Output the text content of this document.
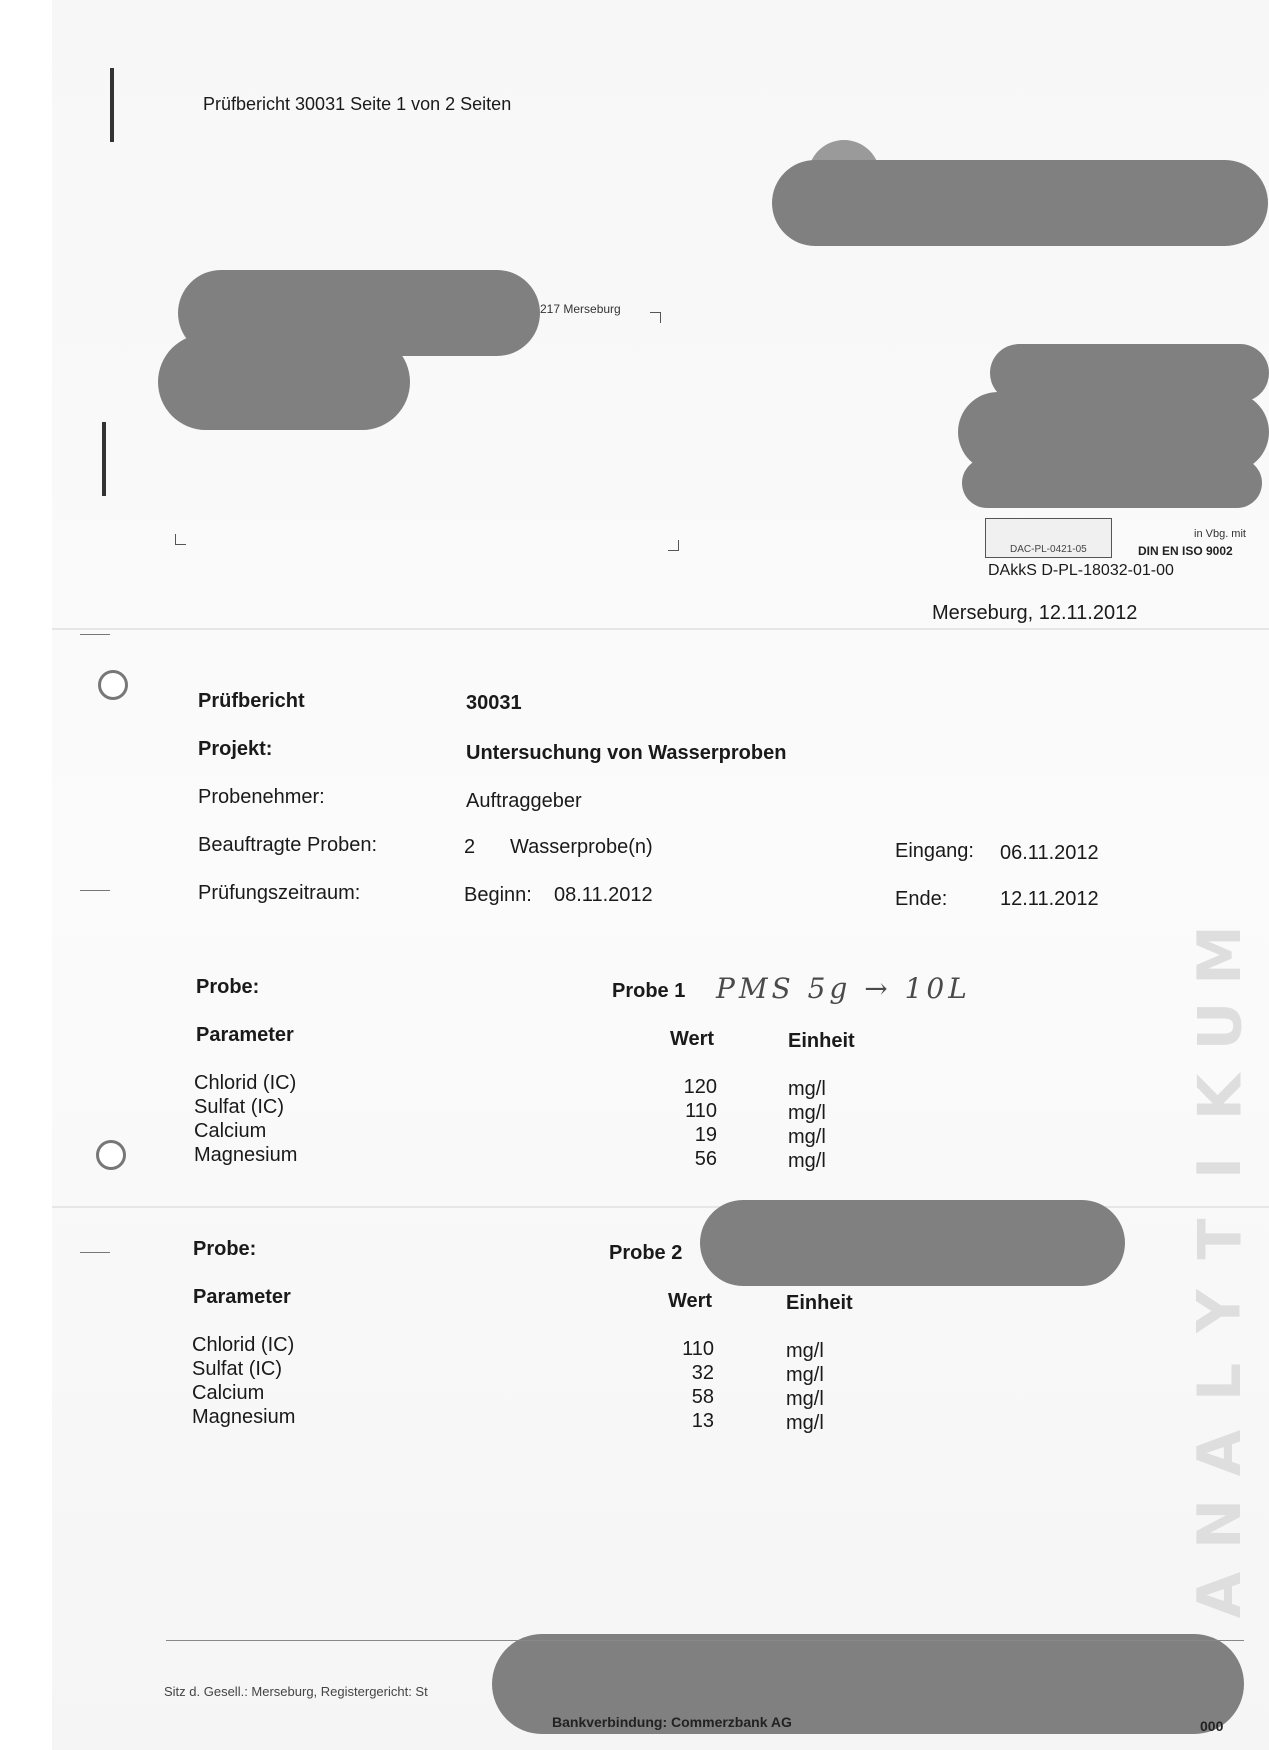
Prüfbericht 30031 Seite 1 von 2 Seiten
217 Merseburg
DAC-PL-0421-05
in Vbg. mit
DIN EN ISO 9002
DAkkS D-PL-18032-01-00
Merseburg, 12.11.2012
Prüfbericht	30031
Projekt:	Untersuchung von Wasserproben
Probenehmer:	Auftraggeber
Beauftragte Proben:	2 Wasserprobe(n)	Eingang: 06.11.2012
Prüfungszeitraum:	Beginn: 08.11.2012	Ende:	12.11.2012
Probe:	Probe 1 PMS 5g → 10L
Parameter	Wert	Einheit
Chlorid (IC)	120	mg/l
Sulfat (IC)	110	mg/l
Calcium	19	mg/l
Magnesium	56	mg/l
Probe:	Probe 2
Parameter	Wert	Einheit
Chlorid (IC)	110	mg/l
Sulfat (IC)	32	mg/l
Calcium	58	mg/l
Magnesium	13	mg/l
M
U
K
I
T
Y
L
A
N
A
Sitz d. Gesell.: Merseburg, Registergericht: St
Bankverbindung: Commerzbank AG	000
